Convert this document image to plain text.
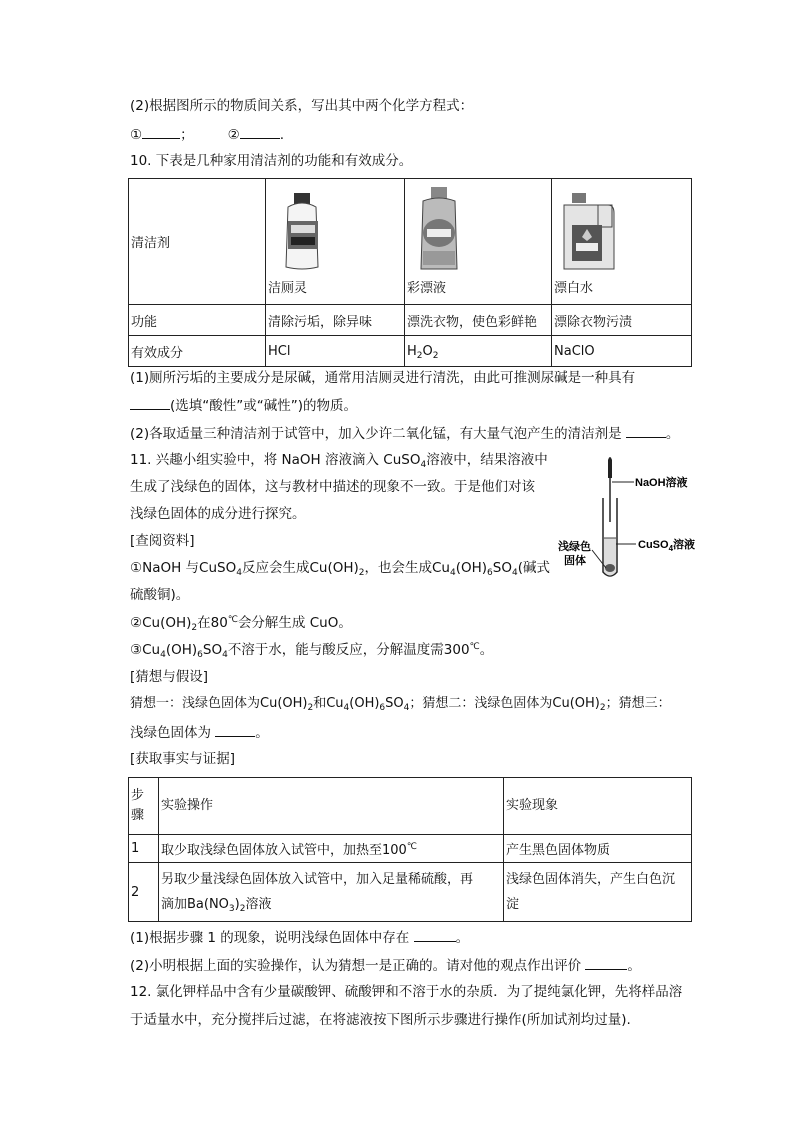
(2)根据图所示的物质间关系，写出其中两个化学方程式：
①	；	②	.
10. 下表是几种家用清洁剂的功能和有效成分。
清洁剂	洁厕灵	彩漂液	漂白水
功能	清除污垢，除异味	漂洗衣物，使色彩鲜艳	漂除衣物污渍
有效成分	HCl	$H_2O_2$	NaClO
(1)厕所污垢的主要成分是尿碱，通常用洁厕灵进行清洗，由此可推测尿碱是一种具有
(选填“酸性”或“碱性”)的物质。
(2)各取适量三种清洁剂于试管中，加入少许二氧化锰，有大量气泡产生的清洁剂是	。
11. 兴趣小组实验中，将 NaOH 溶液滴入 CuSO$_4$溶液中，结果溶液中
生成了浅绿色的固体，这与教材中描述的现象不一致。于是他们对该
浅绿色固体的成分进行探究。
[查阅资料]
①NaOH 与CuSO$_4$反应会生成$Cu(OH)_2$，也会生成$Cu_4(OH)_6SO_4$(碱式
硫酸铜)。
$②Cu(OH)_2$在80℃会分解生成 CuO。
$③Cu_4(OH)_6SO_4$不溶于水，能与酸反应，分解温度需300℃。
[猜想与假设]
猜想一：浅绿色固体为$Cu(OH)_2$和$Cu_4(OH)_6SO_4$；猜想二：浅绿色固体为$Cu(OH)_2$；猜想三：
浅绿色固体为	。
[获取事实与证据]
NaOH溶液
CuSO$_4$溶液
浅绿色
固体
步
骤	实验操作	实验现象
1	取少取浅绿色固体放入试管中，加热至100℃	产生黑色固体物质
2	另取少量浅绿色固体放入试管中，加入足量稀硫酸，再
滴加$Ba(NO_3)_2$溶液	浅绿色固体消失，产生白色沉
淀
(1)根据步骤 1 的现象，说明浅绿色固体中存在	。
(2)小明根据上面的实验操作，认为猜想一是正确的。请对他的观点作出评价	。
12. 氯化钾样品中含有少量碳酸钾、硫酸钾和不溶于水的杂质．为了提纯氯化钾，先将样品溶
于适量水中，充分搅拌后过滤，在将滤液按下图所示步骤进行操作(所加试剂均过量).
